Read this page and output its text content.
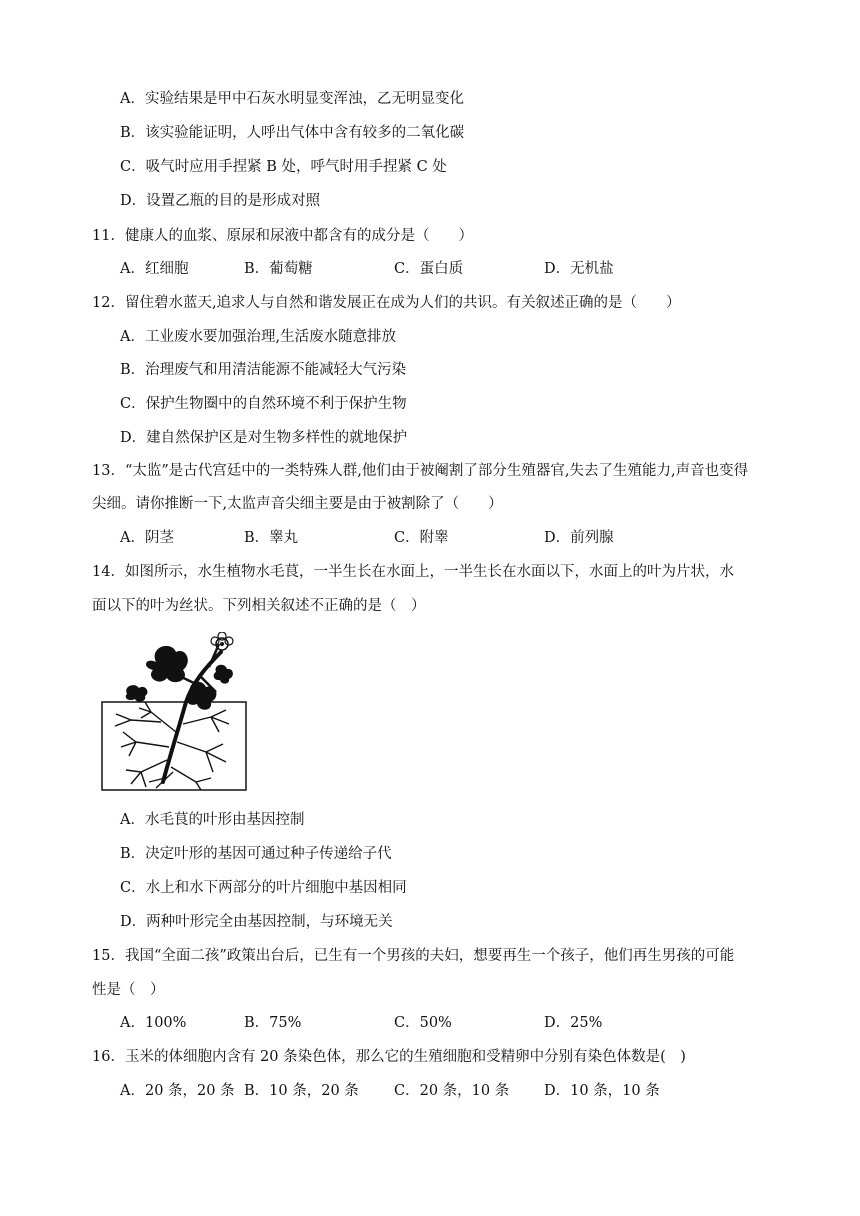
A．实验结果是甲中石灰水明显变浑浊，乙无明显变化
B．该实验能证明，人呼出气体中含有较多的二氧化碳
C．吸气时应用手捏紧 B 处，呼气时用手捏紧 C 处
D．设置乙瓶的目的是形成对照
11．健康人的血浆、原尿和尿液中都含有的成分是（　　）
A．红细胞	B．葡萄糖	C．蛋白质	D．无机盐
12．留住碧水蓝天,追求人与自然和谐发展正在成为人们的共识。有关叙述正确的是（　　）
A．工业废水要加强治理,生活废水随意排放
B．治理废气和用清洁能源不能减轻大气污染
C．保护生物圈中的自然环境不利于保护生物
D．建自然保护区是对生物多样性的就地保护
13．“太监”是古代宫廷中的一类特殊人群,他们由于被阉割了部分生殖器官,失去了生殖能力,声音也变得
尖细。请你推断一下,太监声音尖细主要是由于被割除了（　　）
A．阴茎	B．睾丸	C．附睾	D．前列腺
14．如图所示，水生植物水毛茛，一半生长在水面上，一半生长在水面以下，水面上的叶为片状，水
面以下的叶为丝状。下列相关叙述不正确的是（　）
A．水毛茛的叶形由基因控制
B．决定叶形的基因可通过种子传递给子代
C．水上和水下两部分的叶片细胞中基因相同
D．两种叶形完全由基因控制，与环境无关
15．我国“全面二孩”政策出台后，已生有一个男孩的夫妇，想要再生一个孩子，他们再生男孩的可能
性是（　）
A．100%	B．75%	C．50%	D．25%
16．玉米的体细胞内含有 20 条染色体，那么它的生殖细胞和受精卵中分别有染色体数是(　)
A．20 条，20 条 B．10 条，20 条 C．20 条，10 条 D．10 条，10 条
